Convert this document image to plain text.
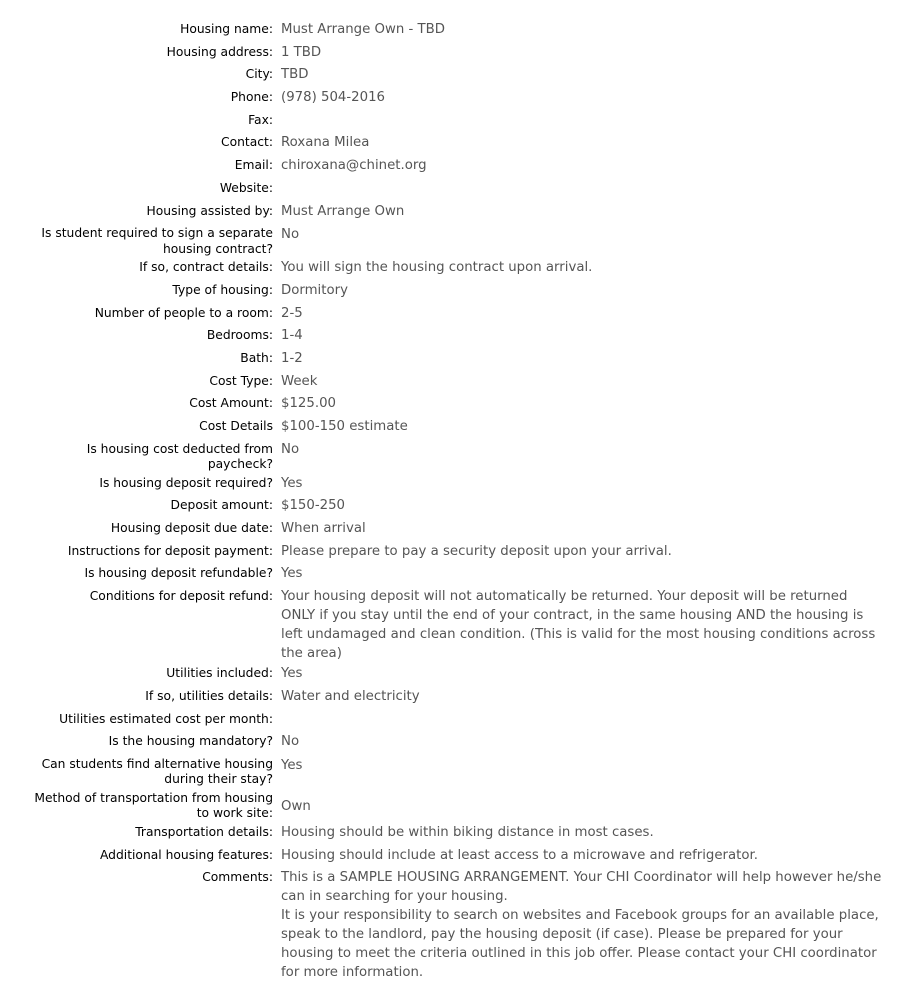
Housing name: Must Arrange Own - TBD
Housing address: 1 TBD
City: TBD
Phone: (978) 504-2016
Fax:
Contact: Roxana Milea
Email: chiroxana@chinet.org
Website:
Housing assisted by: Must Arrange Own
Is student required to sign a separate housing contract?
No
If so, contract details: You will sign the housing contract upon arrival.
Type of housing: Dormitory
Number of people to a room: 2-5
Bedrooms: 1-4
Bath: 1-2
Cost Type: Week
Cost Amount: $125.00
Cost Details $100-150 estimate
Is housing cost deducted from paycheck?
No
Is housing deposit required? Yes
Deposit amount: $150-250
Housing deposit due date: When arrival
Instructions for deposit payment: Please prepare to pay a security deposit upon your arrival.
Is housing deposit refundable? Yes
Conditions for deposit refund: Your housing deposit will not automatically be returned. Your deposit will be returned ONLY if you stay until the end of your contract, in the same housing AND the housing is left undamaged and clean condition. (This is valid for the most housing conditions across the area)
Utilities included: Yes
If so, utilities details: Water and electricity
Utilities estimated cost per month:
Is the housing mandatory? No
Can students find alternative housing during their stay?
Yes
Method of transportation from housing to work site: Own
Transportation details: Housing should be within biking distance in most cases.
Additional housing features: Housing should include at least access to a microwave and refrigerator.
Comments: This is a SAMPLE HOUSING ARRANGEMENT. Your CHI Coordinator will help however he/she can in searching for your housing.

It is your responsibility to search on websites and Facebook groups for an available place, speak to the landlord, pay the housing deposit (if case). Please be prepared for your housing to meet the criteria outlined in this job offer. Please contact your CHI coordinator for more information.
